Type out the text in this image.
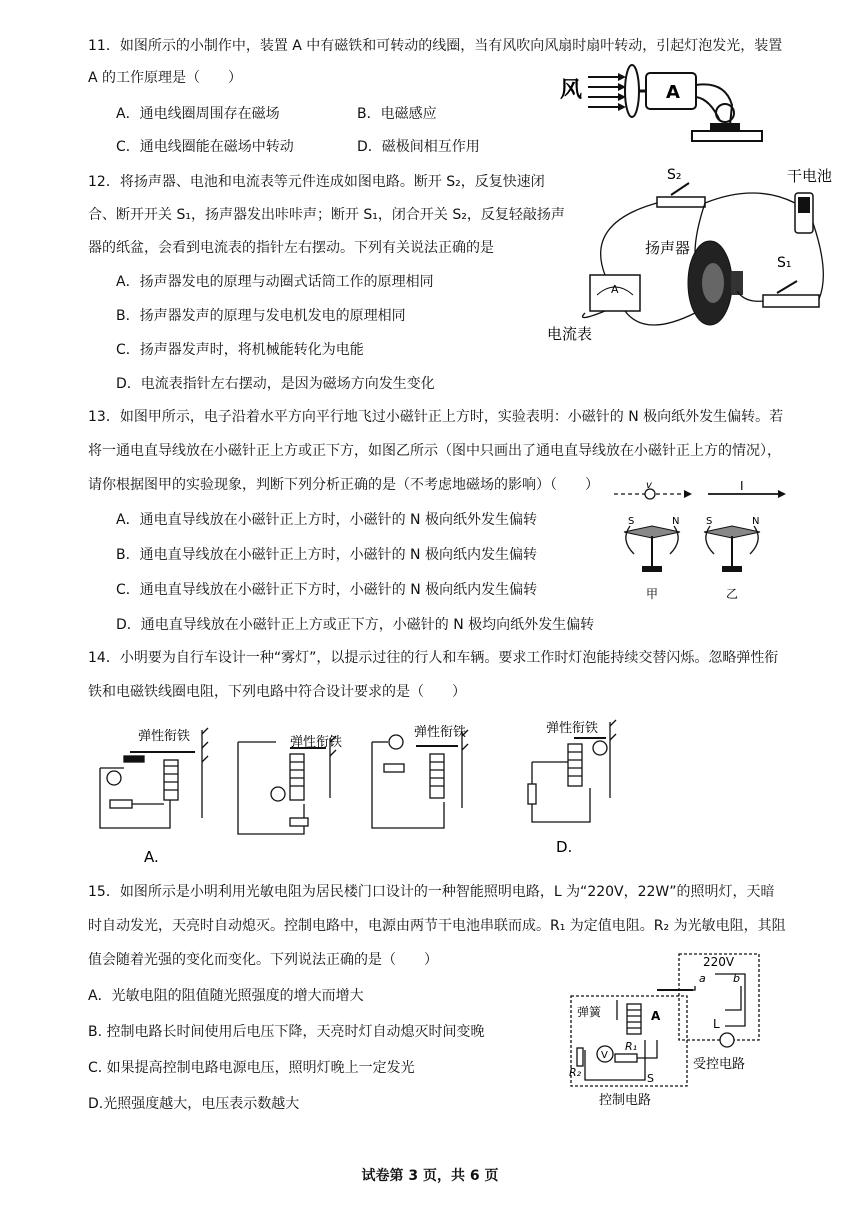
11．如图所示的小制作中，装置 A 中有磁铁和可转动的线圈，当有风吹向风扇时扇叶转动，引起灯泡发光，装置
A 的工作原理是（　　）
A．通电线圈周围存在磁场	B．电磁感应
C．通电线圈能在磁场中转动	D．磁极间相互作用
风	A
12．将扬声器、电池和电流表等元件连成如图电路。断开 S₂，反复快速闭
合、断开开关 S₁，扬声器发出咔咔声；断开 S₁，闭合开关 S₂，反复轻敲扬声
器的纸盆，会看到电流表的指针左右摆动。下列有关说法正确的是
A．扬声器发电的原理与动圈式话筒工作的原理相同
B．扬声器发声的原理与发电机发电的原理相同
C．扬声器发声时，将机械能转化为电能
D．电流表指针左右摆动，是因为磁场方向发生变化
S₂	干电池
扬声器
S₁
A
电流表
13．如图甲所示，电子沿着水平方向平行地飞过小磁针正上方时，实验表明：小磁针的 N 极向纸外发生偏转。若
将一通电直导线放在小磁针正上方或正下方，如图乙所示（图中只画出了通电直导线放在小磁针正上方的情况），
请你根据图甲的实验现象，判断下列分析正确的是（不考虑地磁场的影响）（　　）
A．通电直导线放在小磁针正上方时，小磁针的 N 极向纸外发生偏转
B．通电直导线放在小磁针正上方时，小磁针的 N 极向纸内发生偏转
C．通电直导线放在小磁针正下方时，小磁针的 N 极向纸内发生偏转
D．通电直导线放在小磁针正上方或正下方，小磁针的 N 极均向纸外发生偏转
v	I
S	N	S	N
甲	乙
14．小明要为自行车设计一种“雾灯”，以提示过往的行人和车辆。要求工作时灯泡能持续交替闪烁。忽略弹性衔
铁和电磁铁线圈电阻，下列电路中符合设计要求的是（　　）
弹性衔铁
A.
弹性衔铁
弹性衔铁	弹性衔铁
D.
15．如图所示是小明利用光敏电阻为居民楼门口设计的一种智能照明电路，L 为“220V，22W”的照明灯，天暗
时自动发光，天亮时自动熄灭。控制电路中，电源由两节干电池串联而成。R₁ 为定值电阻。R₂ 为光敏电阻，其阻
值会随着光强的变化而变化。下列说法正确的是（　　）
A．光敏电阻的阻值随光照强度的增大而增大
B. 控制电路长时间使用后电压下降，天亮时灯自动熄灭时间变晚
C. 如果提高控制电路电源电压，照明灯晚上一定发光
D.光照强度越大，电压表示数越大
220V
a b
L
弹簧	A
V
R₁
R₂	S
控制电路
受控电路
试卷第 3 页，共 6 页
